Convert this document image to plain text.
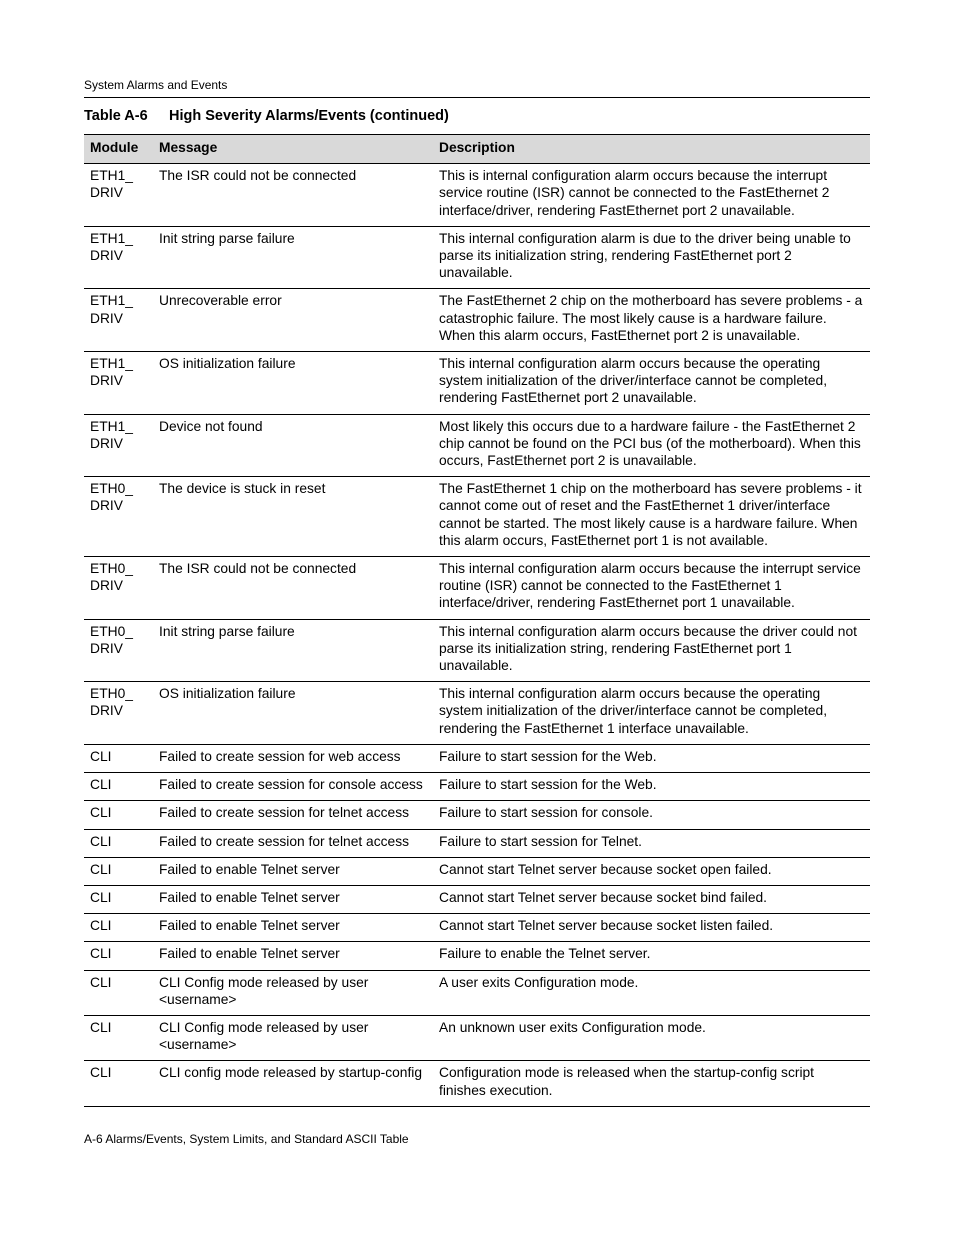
System Alarms and Events
Table A-6 High Severity Alarms/Events (continued)
Module	Message	Description
ETH1_ DRIV	The ISR could not be connected	This is internal configuration alarm occurs because the interrupt service routine (ISR) cannot be connected to the FastEthernet 2 interface/driver, rendering FastEthernet port 2 unavailable.
ETH1_ DRIV	Init string parse failure	This internal configuration alarm is due to the driver being unable to parse its initialization string, rendering FastEthernet port 2 unavailable.
ETH1_ DRIV	Unrecoverable error	The FastEthernet 2 chip on the motherboard has severe problems - a catastrophic failure. The most likely cause is a hardware failure. When this alarm occurs, FastEthernet port 2 is unavailable.
ETH1_ DRIV	OS initialization failure	This internal configuration alarm occurs because the operating system initialization of the driver/interface cannot be completed, rendering FastEthernet port 2 unavailable.
ETH1_ DRIV	Device not found	Most likely this occurs due to a hardware failure - the FastEthernet 2 chip cannot be found on the PCI bus (of the motherboard). When this occurs, FastEthernet port 2 is unavailable.
ETH0_ DRIV	The device is stuck in reset	The FastEthernet 1 chip on the motherboard has severe problems - it cannot come out of reset and the FastEthernet 1 driver/interface cannot be started. The most likely cause is a hardware failure. When this alarm occurs, FastEthernet port 1 is not available.
ETH0_ DRIV	The ISR could not be connected	This internal configuration alarm occurs because the interrupt service routine (ISR) cannot be connected to the FastEthernet 1 interface/driver, rendering FastEthernet port 1 unavailable.
ETH0_ DRIV	Init string parse failure	This internal configuration alarm occurs because the driver could not parse its initialization string, rendering FastEthernet port 1 unavailable.
ETH0_ DRIV	OS initialization failure	This internal configuration alarm occurs because the operating system initialization of the driver/interface cannot be completed, rendering the FastEthernet 1 interface unavailable.
CLI	Failed to create session for web access	Failure to start session for the Web.
CLI	Failed to create session for console access	Failure to start session for the Web.
CLI	Failed to create session for telnet access	Failure to start session for console.
CLI	Failed to create session for telnet access	Failure to start session for Telnet.
CLI	Failed to enable Telnet server	Cannot start Telnet server because socket open failed.
CLI	Failed to enable Telnet server	Cannot start Telnet server because socket bind failed.
CLI	Failed to enable Telnet server	Cannot start Telnet server because socket listen failed.
CLI	Failed to enable Telnet server	Failure to enable the Telnet server.
CLI	CLI Config mode released by user <username>	A user exits Configuration mode.
CLI	CLI Config mode released by user <username>	An unknown user exits Configuration mode.
CLI	CLI config mode released by startup-config	Configuration mode is released when the startup-config script finishes execution.
A-6 Alarms/Events, System Limits, and Standard ASCII Table
